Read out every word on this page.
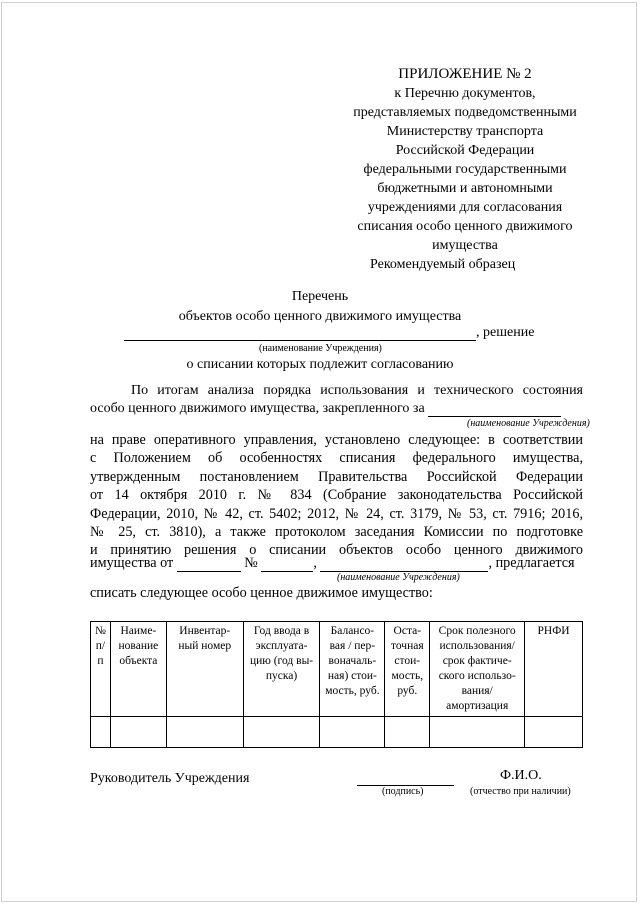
ПРИЛОЖЕНИЕ № 2
к Перечню документов,
представляемых подведомственными
Министерству транспорта
Российской Федерации
федеральными государственными
бюджетными и автономными
учреждениями для согласования
списания особо ценного движимого
имущества
Рекомендуемый образец
Перечень
объектов особо ценного движимого имущества
, решение
(наименование Учреждения)
о списании которых подлежит согласованию
По итогам анализа порядка использования и технического состояния
особо ценного движимого имущества, закрепленного за
(наименование Учреждения)
на праве оперативного управления, установлено следующее: в соответствии
с Положением об особенностях списания федерального имущества,
утвержденным постановлением Правительства Российской Федерации
от 14 октября 2010 г. № 834 (Собрание законодательства Российской
Федерации, 2010, № 42, ст. 5402; 2012, № 24, ст. 3179, № 53, ст. 7916; 2016,
№ 25, ст. 3810), а также протоколом заседания Комиссии по подготовке
и принятию решения о списании объектов особо ценного движимого
имущества от	№	,	, предлагается
(наименование Учреждения)
списать следующее особо ценное движимое имущество:
№ п/ п	Наиме- нование объекта	Инвентар- ный номер	Год ввода в эксплуата- цию (год вы- пуска)	Балансо- вая / пер- воначаль- ная) стои- мость, руб.	Оста- точная стои- мость, руб.	Срок полезного использования/ срок фактиче- ского использо- вания/ амортизация	РНФИ

Руководитель Учреждения
(подпись)
Ф.И.О.
(отчество при наличии)
